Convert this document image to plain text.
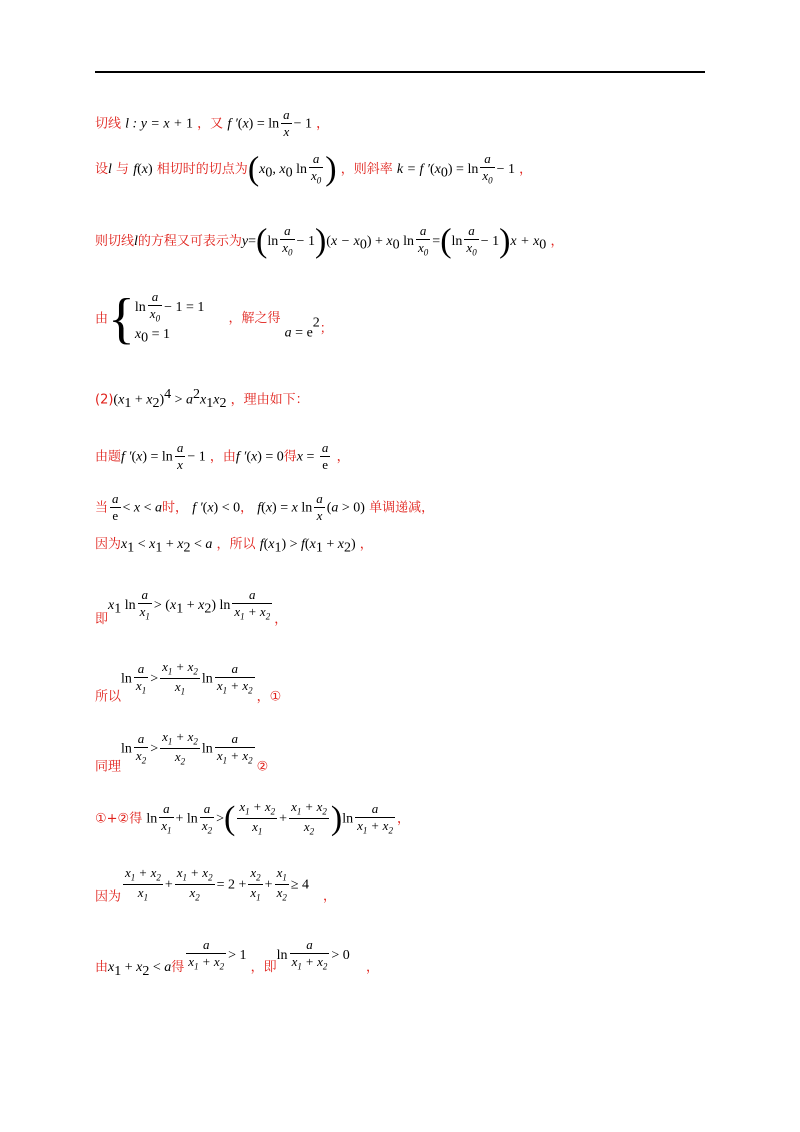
切线 l : y = x + 1 ，又 f $'(x) = \ln \frac{a}{x} - 1$ ，
设l 与 f(x) 相切时的切点为($x_0$, $x_0$ $\ln \frac{a}{x_0}$ ) ，则斜率 k = f $'(x_0) = \ln \frac{a}{x_0} - 1$ ，
则切线l的方程又可表示为$y=(\ln \frac{a}{x_0} - 1)(x - x_0) + x_0$ $\ln \frac{a}{x_0} =(\ln \frac{a}{x_0} - 1)x + x_0$ ，
由{ $\ln \frac{a}{x_0} - 1 = 1$
$x_0 = 1$
，解之得 $a = e^2$；
$(2)(x_1 + x_2)^4 > a^2x_1x_2$ ，理由如下：
由题f $'(x) = \ln \frac{a}{x} - 1$ ，由f ′(x) = 0得$x = \frac{a}{e}$ ，
当 $\frac{a}{e} < x < a$时， f ′(x) < 0， f(x) = x $\ln \frac{a}{x} (a > 0)$ 单调递减，
因为$x_1 < x_1 + x_2 < a$ ，所以 $f(x_1) > f(x_1 + x_2)$ ，
即$x_1$ $\ln \frac{a}{x_1} > (x_1 + x_2)$ $\ln \frac{a}{x_1 + x_2}$ ，
所以$\ln \frac{a}{x_1} > \frac{x_1 + x_2}{x_1}$ $\ln \frac{a}{x_1 + x_2}$
，①
同理$\ln \frac{a}{x_2} > \frac{x_1 + x_2}{x_2}$ $\ln \frac{a}{x_1 + x_2}$
②
①+②得 $\ln \frac{a}{x_1} + \ln \frac{a}{x_2}$ >( $\frac{x_1 + x_2}{x_1} + \frac{x_1 + x_2}{x_2} )\ln \frac{a}{x_1 + x_2}$ ，
因为 $\frac{x_1 + x_2}{x_1} + \frac{x_1 + x_2}{x_2} = 2 + \frac{x_2}{x_1} + \frac{x_1}{x_2} \ge 4$，
由$x_1 + x_2 < a$得 $\frac{a}{x_1 + x_2} > 1$ ，即$\ln \frac{a}{x_1 + x_2} > 0$ ，
